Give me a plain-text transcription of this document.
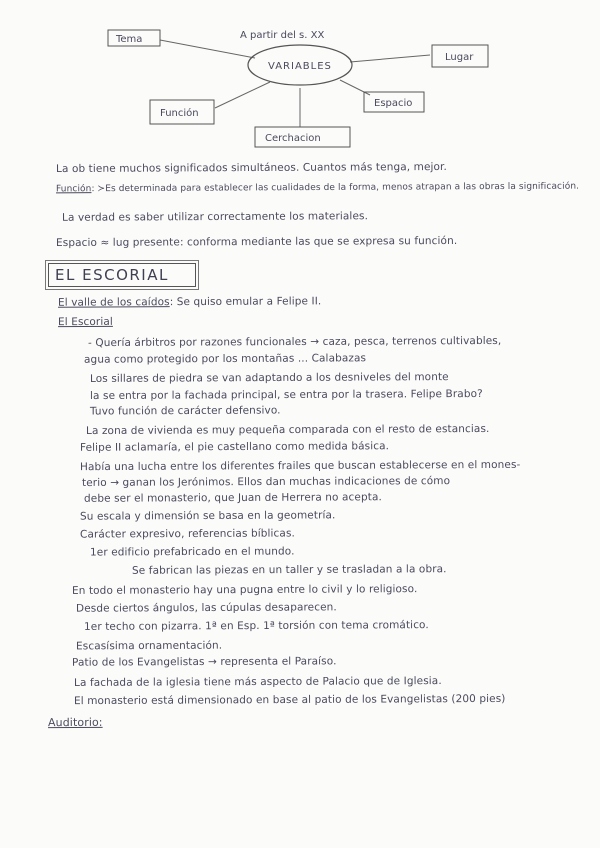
A partir del s. XX
VARIABLES
Tema
Lugar
Función
Espacio
Cerchacion
La ob tiene muchos significados simultáneos. Cuantos más tenga, mejor.
Función: ≻Es determinada para establecer las cualidades de la forma, menos atrapan a las obras la significación.
La verdad es saber utilizar correctamente los materiales.
Espacio ≈ lug presente: conforma mediante las que se expresa su función.
EL ESCORIAL
El valle de los caídos: Se quiso emular a Felipe II.
El Escorial
- Quería árbitros por razones funcionales → caza, pesca, terrenos cultivables,
agua como protegido por los montañas ... Calabazas
Los sillares de piedra se van adaptando a los desniveles del monte
la se entra por la fachada principal, se entra por la trasera. Felipe Brabo?
Tuvo función de carácter defensivo.
La zona de vivienda es muy pequeña comparada con el resto de estancias.
Felipe II aclamaría, el pie castellano como medida básica.
Había una lucha entre los diferentes frailes que buscan establecerse en el mones-
terio → ganan los Jerónimos. Ellos dan muchas indicaciones de cómo
debe ser el monasterio, que Juan de Herrera no acepta.
Su escala y dimensión se basa en la geometría.
Carácter expresivo, referencias bíblicas.
1er edificio prefabricado en el mundo.
Se fabrican las piezas en un taller y se trasladan a la obra.
En todo el monasterio hay una pugna entre lo civil y lo religioso.
Desde ciertos ángulos, las cúpulas desaparecen.
1er techo con pizarra. 1ª en Esp. 1ª torsión con tema cromático.
Escasísima ornamentación.
Patio de los Evangelistas → representa el Paraíso.
La fachada de la iglesia tiene más aspecto de Palacio que de Iglesia.
El monasterio está dimensionado en base al patio de los Evangelistas (200 pies)
Auditorio:
